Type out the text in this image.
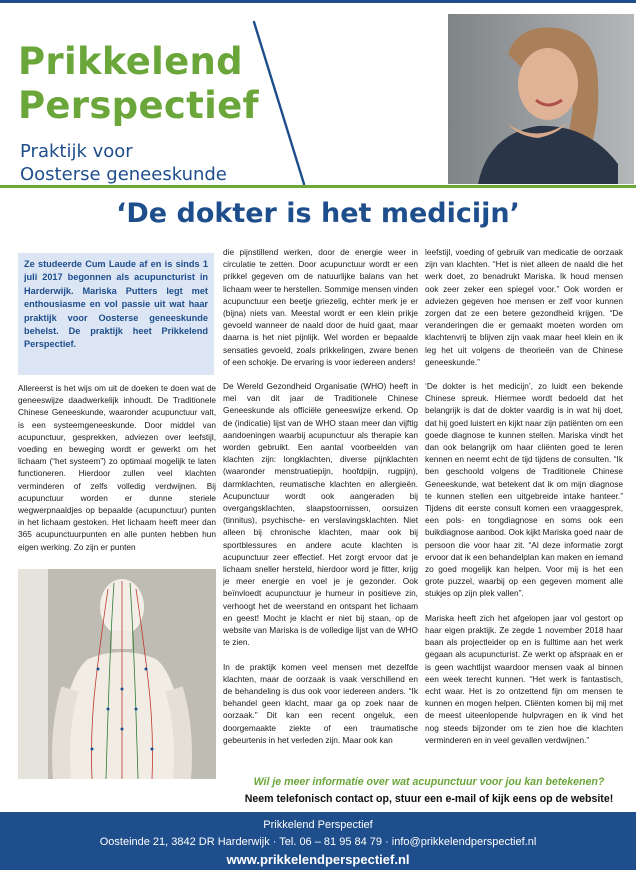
Prikkelend
Perspectief
Praktijk voor
Oosterse geneeskunde
‘De dokter is het medicijn’
Ze studeerde Cum Laude af en is sinds 1 juli 2017 begonnen als acupuncturist in Harderwijk. Mariska Putters legt met enthousiasme en vol passie uit wat haar praktijk voor Oosterse geneeskunde behelst. De praktijk heet Prikkelend Perspectief.

Allereerst is het wijs om uit de doeken te doen wat de geneeswijze daadwerkelijk inhoudt. De Traditionele Chinese Geneeskunde, waaronder acupunctuur valt, is een systeemgeneeskunde. Door middel van acupunctuur, gesprekken, adviezen over leefstijl, voeding en beweging wordt er gewerkt om het lichaam (“het systeem”) zo optimaal mogelijk te laten functioneren. Hierdoor zullen veel klachten verminderen of zelfs volledig verdwijnen. Bij acupunctuur worden er dunne steriele wegwerpnaaldjes op bepaalde (acupunctuur) punten in het lichaam gestoken. Het lichaam heeft meer dan 365 acupunctuurpunten en alle punten hebben hun eigen werking. Zo zijn er punten

die pijnstillend werken, door de energie weer in circulatie te zetten. Door acupunctuur wordt er een prikkel gegeven om de natuurlijke balans van het lichaam weer te herstellen. Sommige mensen vinden acupunctuur een beetje griezelig, echter merk je er (bijna) niets van. Meestal wordt er een klein prikje gevoeld wanneer de naald door de huid gaat, maar daarna is het niet pijnlijk. Wel worden er bepaalde sensaties gevoeld, zoals prikkelingen, zware benen of een schokje. De ervaring is voor iedereen anders!

De Wereld Gezondheid Organisatie (WHO) heeft in mei van dit jaar de Traditionele Chinese Geneeskunde als officiële geneeswijze erkend. Op de (indicatie) lijst van de WHO staan meer dan vijftig aandoeningen waarbij acupunctuur als therapie kan worden gebruikt. Een aantal voorbeelden van klachten zijn: longklachten, diverse pijnklachten (waaronder menstruatiepijn, hoofdpijn, rugpijn), darmklachten, reumatische klachten en allergieën. Acupunctuur wordt ook aangeraden bij overgangsklachten, slaapstoornissen, oorsuizen (tinnitus), psychische- en verslavingsklachten. Niet alleen bij chronische klachten, maar ook bij sportblessures en andere acute klachten is acupunctuur zeer effectief. Het zorgt ervoor dat je lichaam sneller hersteld, hierdoor word je fitter, krijg je meer energie en voel je je gezonder. Ook beïnvloedt acupunctuur je humeur in positieve zin, verhoogt het de weerstand en ontspant het lichaam en geest! Mocht je klacht er niet bij staan, op de website van Mariska is de volledige lijst van de WHO te zien.

In de praktijk komen veel mensen met dezelfde klachten, maar de oorzaak is vaak verschillend en de behandeling is dus ook voor iedereen anders. “Ik behandel geen klacht, maar ga op zoek naar de oorzaak.” Dit kan een recent ongeluk, een doorgemaakte ziekte of een traumatische gebeurtenis in het verleden zijn. Maar ook kan

leefstijl, voeding of gebruik van medicatie de oorzaak zijn van klachten. “Het is niet alleen de naald die het werk doet, zo benadrukt Mariska. Ik houd mensen ook zeer zeker een spiegel voor.” Ook worden er adviezen gegeven hoe mensen er zelf voor kunnen zorgen dat ze een betere gezondheid krijgen. “De veranderingen die er gemaakt moeten worden om klachtenvrij te blijven zijn vaak maar heel klein en ik leg het uit volgens de theorieën van de Chinese geneeskunde.”

‘De dokter is het medicijn’, zo luidt een bekende Chinese spreuk. Hiermee wordt bedoeld dat het belangrijk is dat de dokter vaardig is in wat hij doet, dat hij goed luistert en kijkt naar zijn patiënten om een goede diagnose te kunnen stellen. Mariska vindt het dan ook belangrijk om haar cliënten goed te leren kennen en neemt echt de tijd tijdens de consulten. “Ik ben geschoold volgens de Traditionele Chinese Geneeskunde, wat betekent dat ik om mijn diagnose te kunnen stellen een uitgebreide intake hanteer.” Tijdens dit eerste consult komen een vraaggesprek, een pols- en tongdiagnose en soms ook een buikdiagnose aanbod. Ook kijkt Mariska goed naar de persoon die voor haar zit. “Al deze informatie zorgt ervoor dat ik een behandelplan kan maken en iemand zo goed mogelijk kan helpen. Voor mij is het een grote puzzel, waarbij op een gegeven moment alle stukjes op zijn plek vallen”.

Mariska heeft zich het afgelopen jaar vol gestort op haar eigen praktijk. Ze zegde 1 november 2018 haar baan als projectleider op en is fulltime aan het werk gegaan als acupuncturist. Ze werkt op afspraak en er is geen wachtlijst waardoor mensen vaak al binnen een week terecht kunnen. “Het werk is fantastisch, echt waar. Het is zo ontzettend fijn om mensen te kunnen en mogen helpen. Cliënten komen bij mij met de meest uiteenlopende hulpvragen en ik vind het nog steeds bijzonder om te zien hoe die klachten verminderen en in veel gevallen verdwijnen.”

Wil je meer informatie over wat acupunctuur voor jou kan betekenen?
Neem telefonisch contact op, stuur een e-mail of kijk eens op de website!
Prikkelend Perspectief
Oosteinde 21, 3842 DR Harderwijk · Tel. 06 – 81 95 84 79 · info@prikkelendperspectief.nl
www.prikkelendperspectief.nl
